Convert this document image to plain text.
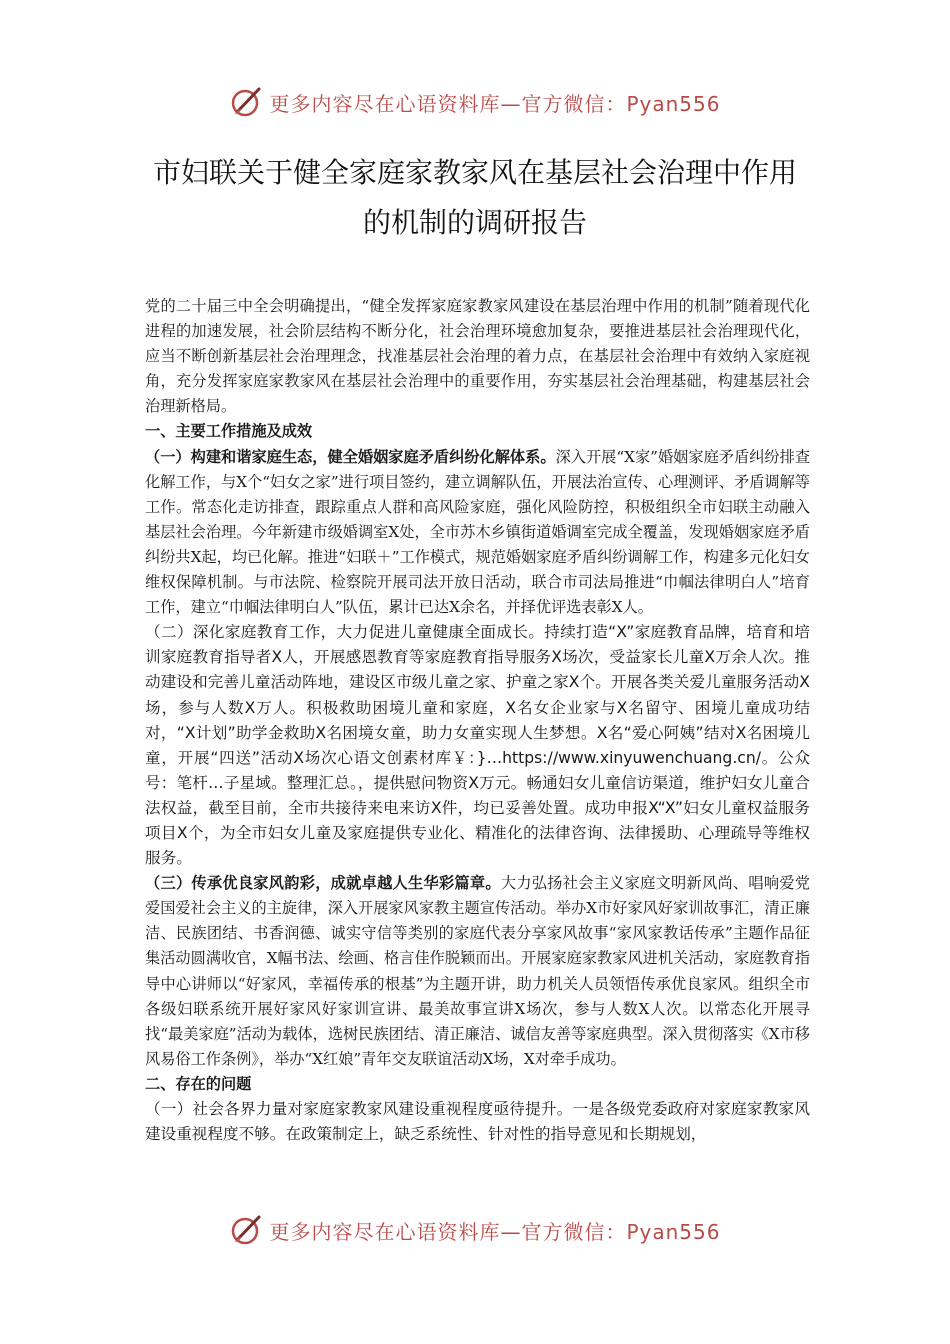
更多内容尽在心语资料库—官方微信：Pyan556
市妇联关于健全家庭家教家风在基层社会治理中作用
的机制的调研报告

党的二十届三中全会明确提出，“健全发挥家庭家教家风建设在基层治理中作用的机制”随着现代化进程的加速发展，社会阶层结构不断分化，社会治理环境愈加复杂，要推进基层社会治理现代化，应当不断创新基层社会治理理念，找准基层社会治理的着力点，在基层社会治理中有效纳入家庭视角，充分发挥家庭家教家风在基层社会治理中的重要作用，夯实基层社会治理基础，构建基层社会治理新格局。

一、主要工作措施及成效

（一）构建和谐家庭生态，健全婚姻家庭矛盾纠纷化解体系。深入开展“X家”婚姻家庭矛盾纠纷排查化解工作，与X个“妇女之家”进行项目签约，建立调解队伍，开展法治宣传、心理测评、矛盾调解等工作。常态化走访排查，跟踪重点人群和高风险家庭，强化风险防控，积极组织全市妇联主动融入基层社会治理。今年新建市级婚调室X处，全市苏木乡镇街道婚调室完成全覆盖，发现婚姻家庭矛盾纠纷共X起，均已化解。推进“妇联＋”工作模式，规范婚姻家庭矛盾纠纷调解工作，构建多元化妇女维权保障机制。与市法院、检察院开展司法开放日活动，联合市司法局推进“巾帼法律明白人”培育工作，建立“巾帼法律明白人”队伍，累计已达X余名，并择优评选表彰X人。

（二）深化家庭教育工作，大力促进儿童健康全面成长。持续打造“X”家庭教育品牌，培育和培训家庭教育指导者X人，开展感恩教育等家庭教育指导服务X场次，受益家长儿童X万余人次。推动建设和完善儿童活动阵地，建设区市级儿童之家、护童之家X个。开展各类关爱儿童服务活动X场，参与人数X万人。积极救助困境儿童和家庭，X名女企业家与X名留守、困境儿童成功结对，“X计划”助学金救助X名困境女童，助力女童实现人生梦想。X名“爱心阿姨”结对X名困境儿童，开展“四送”活动X场次心语文创素材库￥：}…https://www.xinyuwenchuang.cn/。公众号：笔杆…子星域。整理汇总。，提供慰问物资X万元。畅通妇女儿童信访渠道，维护妇女儿童合法权益，截至目前，全市共接待来电来访X件，均已妥善处置。成功申报X“X”妇女儿童权益服务项目X个，为全市妇女儿童及家庭提供专业化、精准化的法律咨询、法律援助、心理疏导等维权服务。

（三）传承优良家风韵彩，成就卓越人生华彩篇章。大力弘扬社会主义家庭文明新风尚、唱响爱党爱国爱社会主义的主旋律，深入开展家风家教主题宣传活动。举办X市好家风好家训故事汇，清正廉洁、民族团结、书香润德、诚实守信等类别的家庭代表分享家风故事“家风家教话传承”主题作品征集活动圆满收官，X幅书法、绘画、格言佳作脱颖而出。开展家庭家教家风进机关活动，家庭教育指导中心讲师以“好家风，幸福传承的根基”为主题开讲，助力机关人员领悟传承优良家风。组织全市各级妇联系统开展好家风好家训宣讲、最美故事宣讲X场次，参与人数X人次。以常态化开展寻找“最美家庭”活动为载体，选树民族团结、清正廉洁、诚信友善等家庭典型。深入贯彻落实《X市移风易俗工作条例》，举办“X红娘”青年交友联谊活动X场，X对牵手成功。

二、存在的问题

（一）社会各界力量对家庭家教家风建设重视程度亟待提升。一是各级党委政府对家庭家教家风建设重视程度不够。在政策制定上，缺乏系统性、针对性的指导意见和长期规划，

更多内容尽在心语资料库—官方微信：Pyan556
